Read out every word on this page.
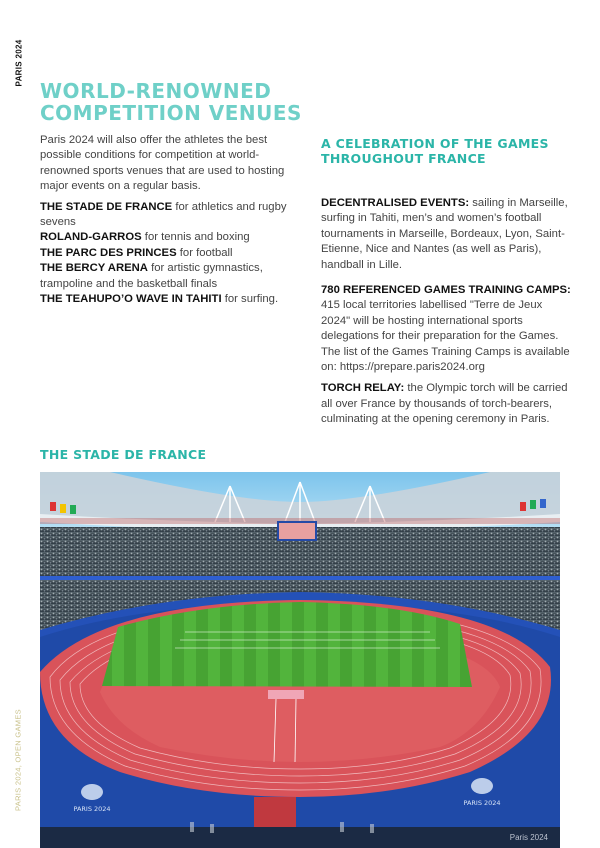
PARIS 2024
PARIS 2024, OPEN GAMES
WORLD-RENOWNED
COMPETITION VENUES

Paris 2024 will also offer the athletes the best possible conditions for competition at world- renowned sports venues that are used to hosting major events on a regular basis.

THE STADE DE FRANCE for athletics and rugby sevens
ROLAND-GARROS for tennis and boxing
THE PARC DES PRINCES for football
THE BERCY ARENA for artistic gymnastics, trampoline and the basketball finals
THE TEAHUPO’O WAVE IN TAHITI for surfing.
A CELEBRATION OF THE GAMES
THROUGHOUT FRANCE

DECENTRALISED EVENTS: sailing in Marseille, surfing in Tahiti, men’s and women’s football tournaments in Marseille, Bordeaux, Lyon, Saint- Etienne, Nice and Nantes (as well as Paris), handball in Lille.

780 REFERENCED GAMES TRAINING CAMPS: 415 local territories labellised "Terre de Jeux 2024" will be hosting international sports delegations for their preparation for the Games. The list of the Games Training Camps is available on: https://prepare.paris2024.org

TORCH RELAY: the Olympic torch will be carried all over France by thousands of torch-bearers, culminating at the opening ceremony in Paris.

THE STADE DE FRANCE
PARIS 2024
PARIS 2024
Paris 2024
